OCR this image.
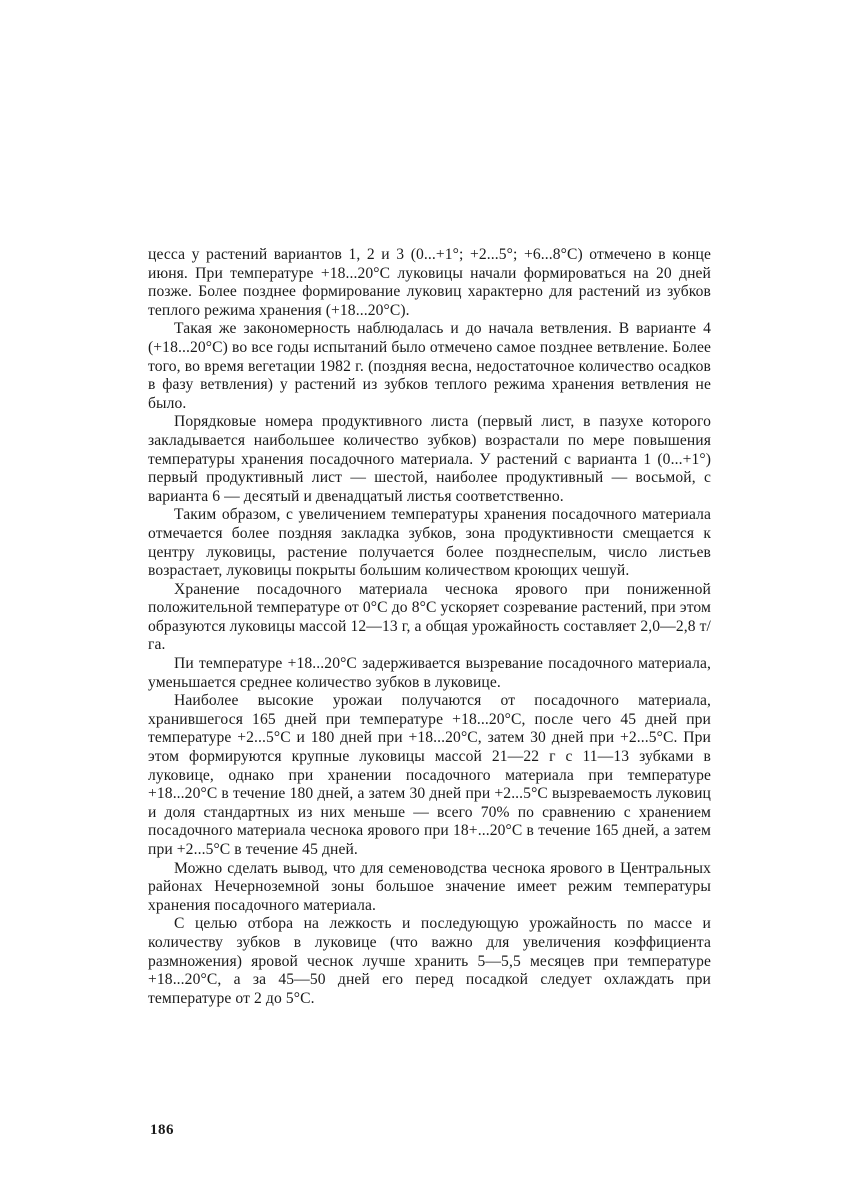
цесса у растений вариантов 1, 2 и 3 (0...+1°; +2...5°; +6...8°С) отмечено в конце июня. При температуре +18...20°С луковицы начали формироваться на 20 дней позже. Более позднее формирование луковиц характерно для растений из зубков теплого режима хранения (+18...20°С).

Такая же закономерность наблюдалась и до начала ветвления. В варианте 4 (+18...20°С) во все годы испытаний было отмечено самое позднее ветвление. Более того, во время вегетации 1982 г. (поздняя весна, недостаточное количество осадков в фазу ветвления) у растений из зубков теплого режима хранения ветвления не было.

Порядковые номера продуктивного листа (первый лист, в пазухе которого закладывается наибольшее количество зубков) возрастали по мере повышения температуры хранения посадочного материала. У растений с варианта 1 (0...+1°) первый продуктивный лист — шестой, наиболее продуктивный — восьмой, с варианта 6 — десятый и двенадцатый листья соответственно.

Таким образом, с увеличением температуры хранения посадочного материала отмечается более поздняя закладка зубков, зона продуктивности смещается к центру луковицы, растение получается более позднеспелым, число листьев возрастает, луковицы покрыты большим количеством кроющих чешуй.

Хранение посадочного материала чеснока ярового при пониженной положительной температуре от 0°С до 8°С ускоряет созревание растений, при этом образуются луковицы массой 12—13 г, а общая урожайность составляет 2,0—2,8 т/га.

Пи температуре +18...20°С задерживается вызревание посадочного материала, уменьшается среднее количество зубков в луковице.

Наиболее высокие урожаи получаются от посадочного материала, хранившегося 165 дней при температуре +18...20°С, после чего 45 дней при температуре +2...5°С и 180 дней при +18...20°С, затем 30 дней при +2...5°С. При этом формируются крупные луковицы массой 21—22 г с 11—13 зубками в луковице, однако при хранении посадочного материала при температуре +18...20°С в течение 180 дней, а затем 30 дней при +2...5°С вызреваемость луковиц и доля стандартных из них меньше — всего 70% по сравнению с хранением посадочного материала чеснока ярового при 18+...20°С в течение 165 дней, а затем при +2...5°С в течение 45 дней.

Можно сделать вывод, что для семеноводства чеснока ярового в Центральных районах Нечерноземной зоны большое значение имеет режим температуры хранения посадочного материала.

С целью отбора на лежкость и последующую урожайность по массе и количеству зубков в луковице (что важно для увеличения коэффициента размножения) яровой чеснок лучше хранить 5—5,5 месяцев при температуре +18...20°С, а за 45—50 дней его перед посадкой следует охлаждать при температуре от 2 до 5°С.

186
